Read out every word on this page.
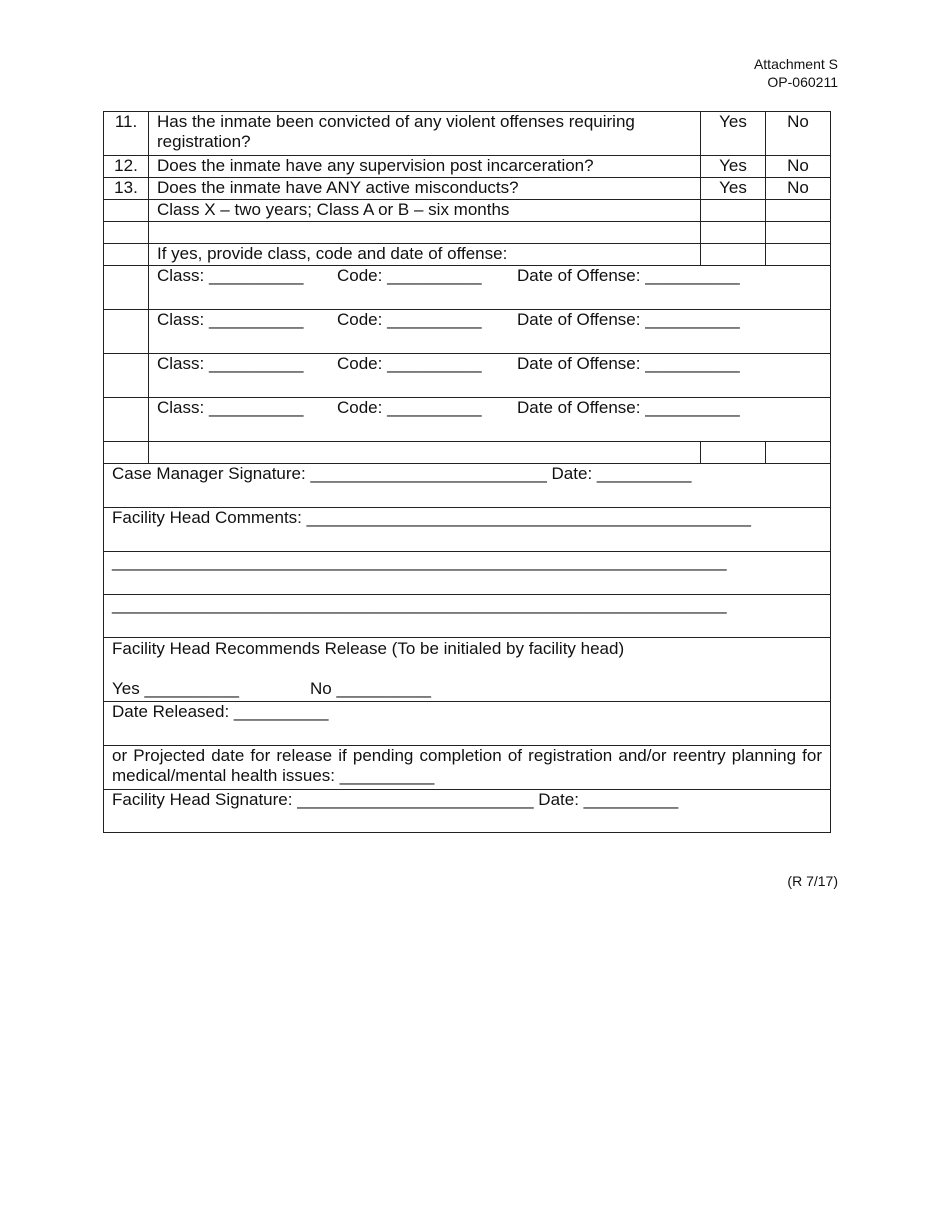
Attachment S
OP-060211
11.	Has the inmate been convicted of any violent offenses requiring registration?	Yes	No
12.	Does the inmate have any supervision post incarceration?	Yes	No
13.	Does the inmate have ANY active misconducts?	Yes	No
	Class X – two years; Class A or B – six months		

	If yes, provide class, code and date of offense:		
	Class: __________ Code: __________ Date of Offense: __________		
	Class: __________ Code: __________ Date of Offense: __________		
	Class: __________ Code: __________ Date of Offense: __________		
	Class: __________ Code: __________ Date of Offense: __________		

Case Manager Signature: _________________________ Date: __________			
Facility Head Comments: _______________________________________________			
_________________________________________________________________			
_________________________________________________________________			

Facility Head Recommends Release (To be initialed by facility head)
Yes __________ No __________			

Date Released: __________			
or Projected date for release if pending completion of registration and/or reentry planning for medical/mental health issues: __________			
Facility Head Signature: _________________________ Date: __________			
(R 7/17)
